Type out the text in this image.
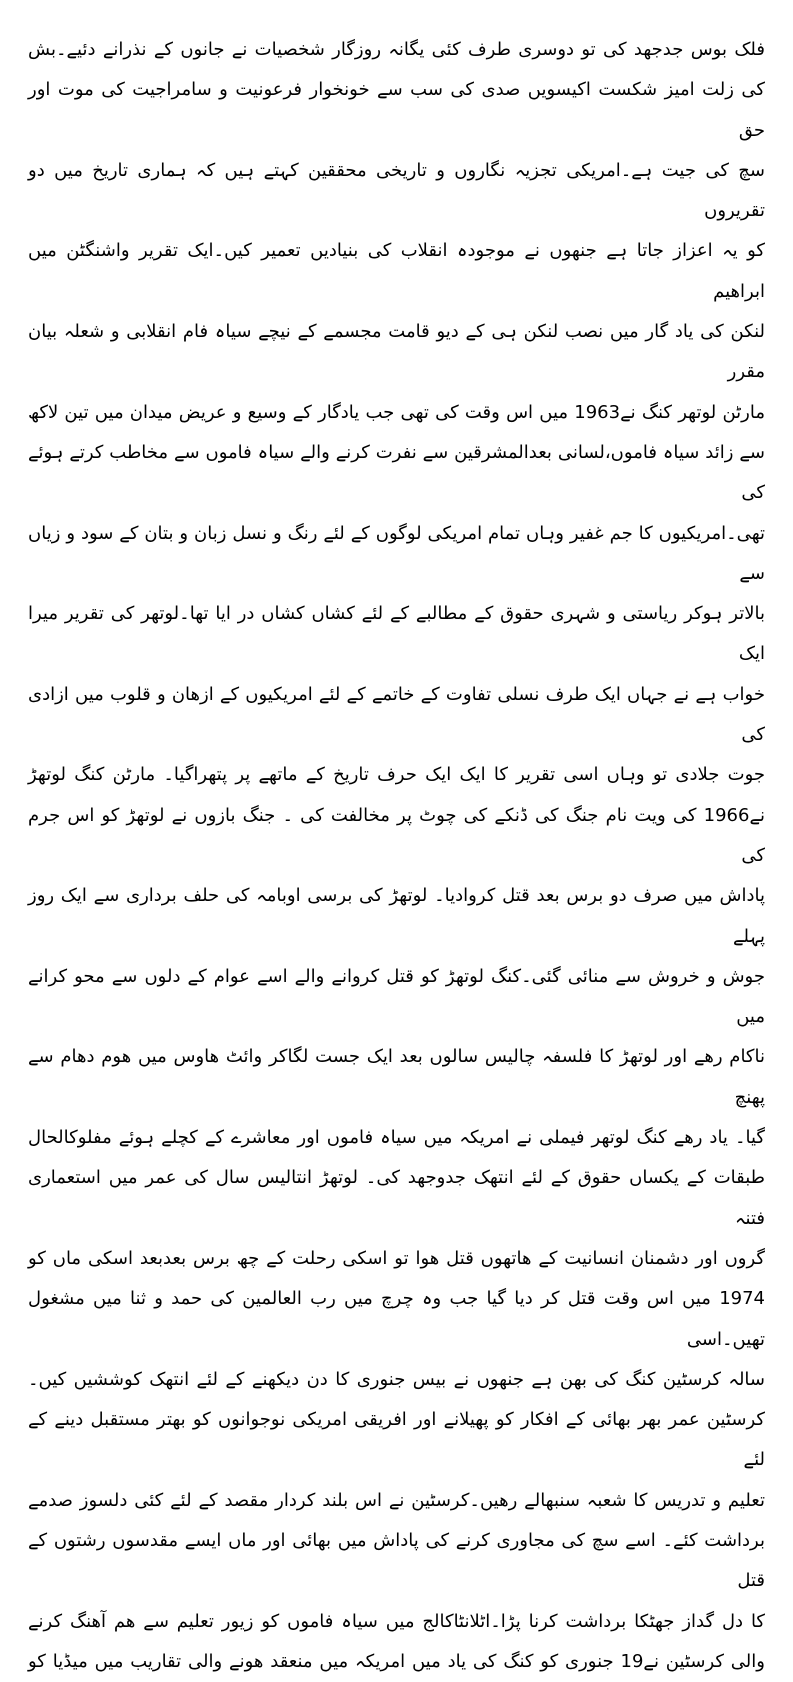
فلک بوس جدجھد کی تو دوسری طرف کئی یگانہ روزگار شخصیات نے جانوں کے نذرانے دئیے۔بش
کی زلت امیز شکست اکیسویں صدی کی سب سے خونخوار فرعونیت و سامراجیت کی موت اور حق
سچ کی جیت ہے۔امریکی تجزیہ نگاروں و تاریخی محققین کہتے ہیں کہ ہماری تاریخ میں دو تقریروں
کو یہ اعزاز جاتا ہے جنھوں نے موجودہ انقلاب کی بنیادیں تعمیر کیں۔ایک تقریر واشنگٹن میں ابراھیم
لنکن کی یاد گار میں نصب لنکن ہی کے دیو قامت مجسمے کے نیچے سیاہ فام انقلابی و شعلہ بیان مقرر
مارٹن لوتھر کنگ نے1963 میں اس وقت کی تھی جب یادگار کے وسیع و عریض میدان میں تین لاکھ
سے زائد سیاہ فاموں،لسانی بعدالمشرقین سے نفرت کرنے والے سیاہ فاموں سے مخاطب کرتے ہوئے کی
تھی۔امریکیوں کا جم غفیر وہاں تمام امریکی لوگوں کے لئے رنگ و نسل زبان و بتان کے سود و زیاں سے
بالاتر ہوکر ریاستی و شہری حقوق کے مطالبے کے لئے کشاں کشاں در ایا تھا۔لوتھر کی تقریر میرا ایک
خواب ہے نے جہاں ایک طرف نسلی تفاوت کے خاتمے کے لئے امریکیوں کے ازھان و قلوب میں ازادی کی
جوت جلادی تو وہاں اسی تقریر کا ایک ایک حرف تاریخ کے ماتھے پر پتھراگیا۔ مارٹن کنگ لوتھڑ
نے1966 کی ویت نام جنگ کی ڈنکے کی چوٹ پر مخالفت کی ۔ جنگ بازوں نے لوتھڑ کو اس جرم کی
پاداش میں صرف دو برس بعد قتل کروادیا۔ لوتھڑ کی برسی اوبامہ کی حلف برداری سے ایک روز پہلے
جوش و خروش سے منائی گئی۔کنگ لوتھڑ کو قتل کروانے والے اسے عوام کے دلوں سے محو کرانے میں
ناکام رھے اور لوتھڑ کا فلسفہ چالیس سالوں بعد ایک جست لگاکر وائٹ ھاوس میں ھوم دھام سے پھنچ
گیا۔ یاد رھے کنگ لوتھر فیملی نے امریکہ میں سیاہ فاموں اور معاشرے کے کچلے ہوئے مفلوکالحال
طبقات کے یکساں حقوق کے لئے انتھک جدوجھد کی۔ لوتھڑ انتالیس سال کی عمر میں استعماری فتنہ
گروں اور دشمنان انسانیت کے ھاتھوں قتل ھوا تو اسکی رحلت کے چھ برس بعدبعد اسکی ماں کو
1974 میں اس وقت قتل کر دیا گیا جب وہ چرچ میں رب العالمین کی حمد و ثنا میں مشغول تھیں۔اسی
سالہ کرسٹین کنگ کی بھن ہے جنھوں نے بیس جنوری کا دن دیکھنے کے لئے انتھک کوششیں کیں۔
کرسٹین عمر بھر بھائی کے افکار کو پھیلانے اور افریقی امریکی نوجوانوں کو بھتر مستقبل دینے کے لئے
تعلیم و تدریس کا شعبہ سنبھالے رھیں۔کرسٹین نے اس بلند کردار مقصد کے لئے کئی دلسوز صدمے
برداشت کئے۔ اسے سچ کی مجاوری کرنے کی پاداش میں بھائی اور ماں ایسے مقدسوں رشتوں کے قتل
کا دل گداز جھٹکا برداشت کرنا پڑا۔اٹلانٹاکالج میں سیاہ فاموں کو زیور تعلیم سے ھم آھنگ کرنے
والی کرسٹین نے19 جنوری کو کنگ کی یاد میں امریکہ میں منعقد ھونے والی تقاریب میں میڈیا کو
